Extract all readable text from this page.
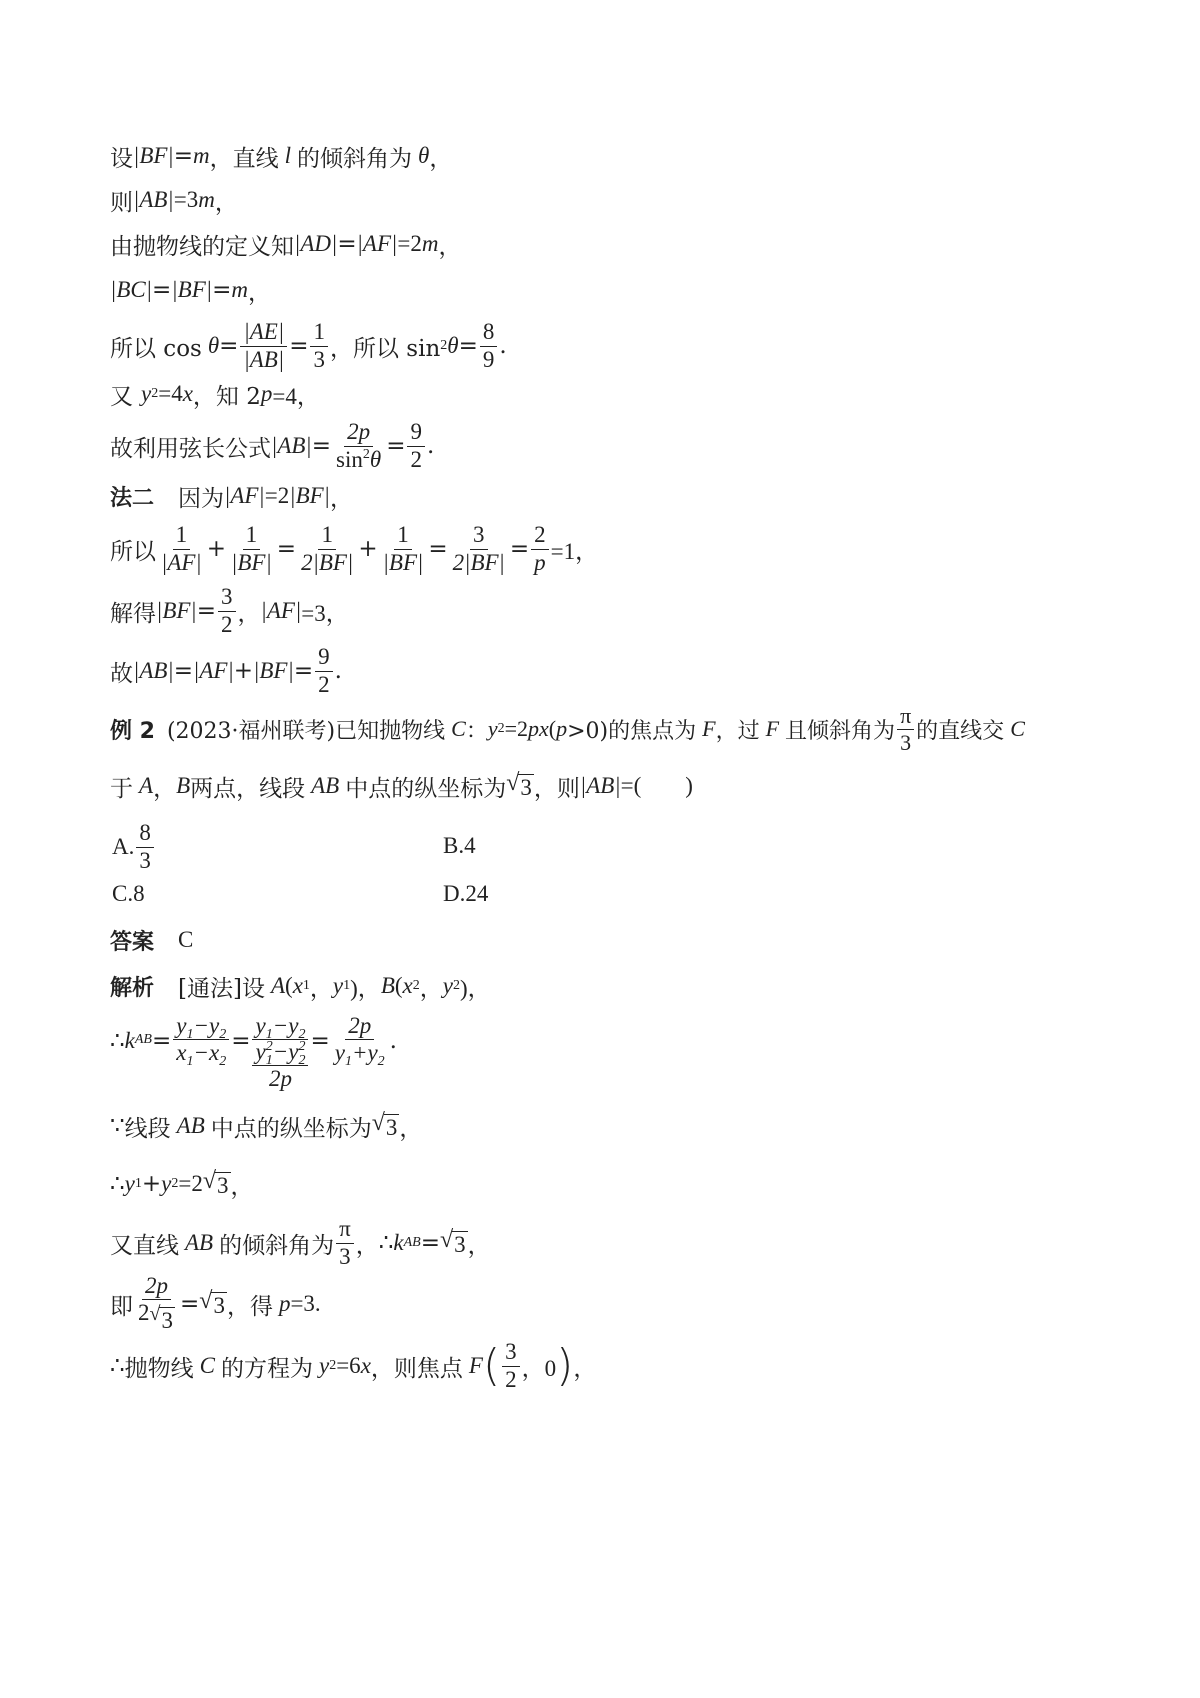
设 |BF| = m ，直线 l 的倾斜角为 θ ，
则 |AB| =3 m ，
由抛物线的定义知 |AD| = |AF| =2 m ，
|BC| = |BF| = m ，
所以 $\cos \theta = \frac{|AE|}{|AB|} = \frac{1}{3}$ ，所以 sin 2 $\theta = \frac{8}{9}$ .
又 y 2 =4 x ，知 2 p =4，
故利用弦长公式 $|AB| = \frac{2p}{\sin^2\theta} = \frac{9}{2}$ .
法二 因为 |AF| =2 |BF| ，
所以 $\frac{1}{|AF|} + \frac{1}{|BF|} = \frac{1}{2|BF|} + \frac{1}{|BF|} = \frac{3}{2|BF|} = \frac{2}{p} =1$，
解得 $|BF| = \frac{3}{2}$ ， |AF| =3，
故 $|AB| = |AF| + |BF| = \frac{9}{2}$ .
例 2 (2023·福州联考)已知抛物线 C ： y 2 =2 px ( p >0)的焦点为 F ，过 F 且倾斜角为 $\frac{\pi}{3}$ 的直线交 C
于 A ， B 两点，线段 AB 中点的纵坐标为 √ 3 ，则 |AB| =( )
A. $\frac{8}{3}$	B.4
C.8	D.24
答案 C
解析 [通法]设 A ( x 1 ， y 1 )， B ( x 2 ， y 2 )，
∴ k AB = $\frac{y_1-y_2}{x_1-x_2} = \frac{y_1-y_2}{\frac{y^2_1-y^2_2}{2p}} = \frac{2p}{y_1+y_2}$ .
∵ 线段 AB 中点的纵坐标为 √ 3 ，
∴ y 1 + y 2 =2 √ 3 ，
又直线 AB 的倾斜角为 $\frac{\pi}{3}$ ， ∴ k AB = √ 3 ，
即 $\frac{2p}{2 √ 3}$ = √ 3 ，得 p =3.
∴ 抛物线 C 的方程为 y 2 =6 x ，则焦点 F ( $\frac{3}{2}$ ，0 ) ，
